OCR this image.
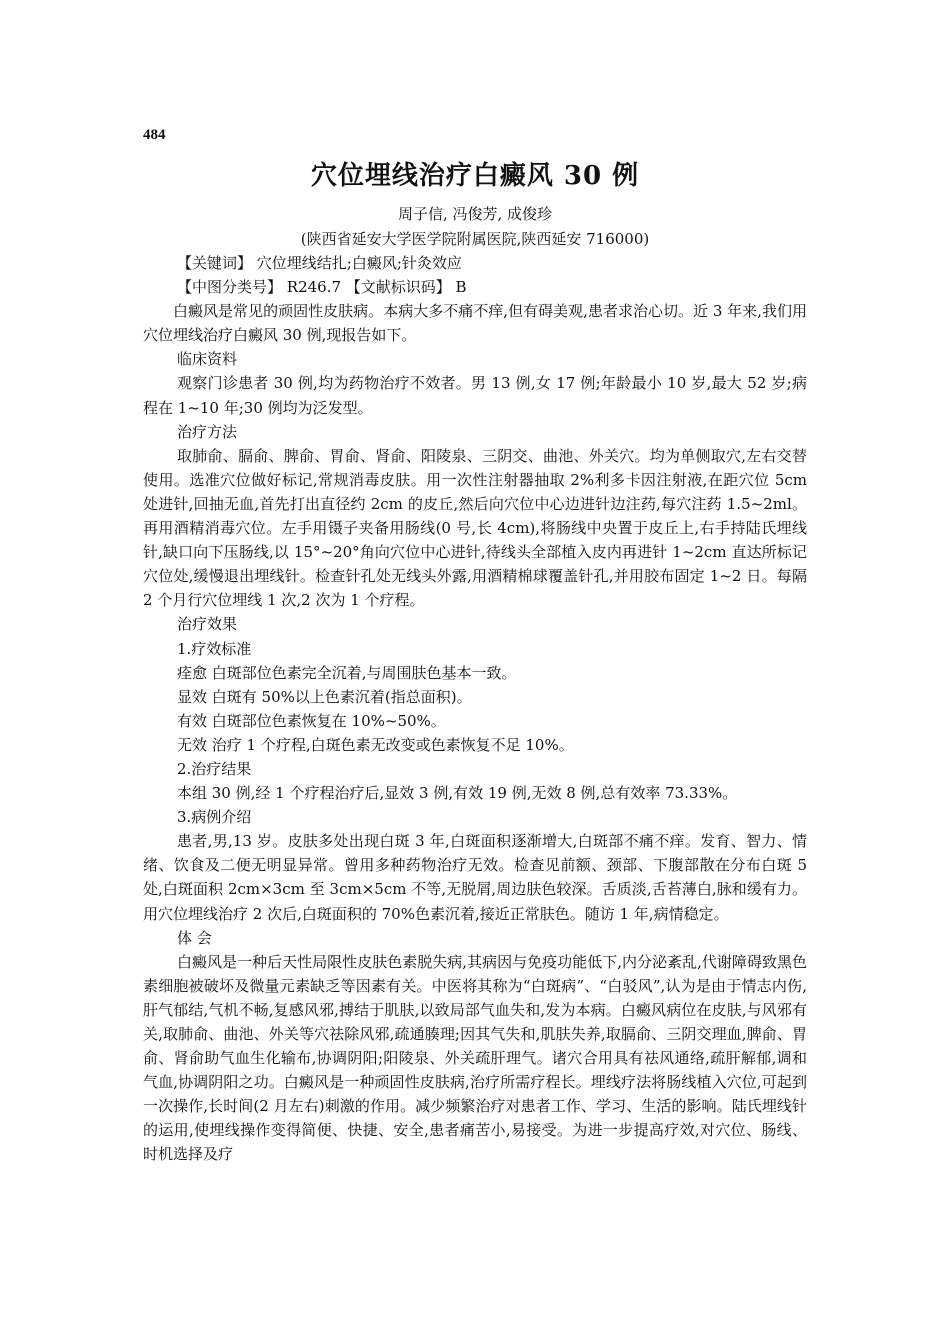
484
穴位埋线治疗白癜风 30 例
周子信, 冯俊芳, 成俊珍
(陕西省延安大学医学院附属医院,陕西延安 716000)

【关键词】 穴位埋线结扎;白癜风;针灸效应

【中图分类号】 R246.7 【文献标识码】 B

白癜风是常见的顽固性皮肤病。本病大多不痛不痒,但有碍美观,患者求治心切。近 3 年来,我们用穴位埋线治疗白癜风 30 例,现报告如下。

临床资料

观察门诊患者 30 例,均为药物治疗不效者。男 13 例,女 17 例;年龄最小 10 岁,最大 52 岁;病程在 1~10 年;30 例均为泛发型。

治疗方法

取肺俞、膈俞、脾俞、胃俞、肾俞、阳陵泉、三阴交、曲池、外关穴。均为单侧取穴,左右交替使用。选准穴位做好标记,常规消毒皮肤。用一次性注射器抽取 2%利多卡因注射液,在距穴位 5cm 处进针,回抽无血,首先打出直径约 2cm 的皮丘,然后向穴位中心边进针边注药,每穴注药 1.5~2ml。再用酒精消毒穴位。左手用镊子夹备用肠线(0 号,长 4cm),将肠线中央置于皮丘上,右手持陆氏埋线针,缺口向下压肠线,以 15°~20°角向穴位中心进针,待线头全部植入皮内再进针 1~2cm 直达所标记穴位处,缓慢退出埋线针。检查针孔处无线头外露,用酒精棉球覆盖针孔,并用胶布固定 1~2 日。每隔 2 个月行穴位埋线 1 次,2 次为 1 个疗程。

治疗效果

1.疗效标准

痊愈 白斑部位色素完全沉着,与周围肤色基本一致。

显效 白斑有 50%以上色素沉着(指总面积)。

有效 白斑部位色素恢复在 10%~50%。

无效 治疗 1 个疗程,白斑色素无改变或色素恢复不足 10%。

2.治疗结果

本组 30 例,经 1 个疗程治疗后,显效 3 例,有效 19 例,无效 8 例,总有效率 73.33%。

3.病例介绍

患者,男,13 岁。皮肤多处出现白斑 3 年,白斑面积逐渐增大,白斑部不痛不痒。发育、智力、情绪、饮食及二便无明显异常。曾用多种药物治疗无效。检查见前额、颈部、下腹部散在分布白斑 5 处,白斑面积 2cm×3cm 至 3cm×5cm 不等,无脱屑,周边肤色较深。舌质淡,舌苔薄白,脉和缓有力。用穴位埋线治疗 2 次后,白斑面积的 70%色素沉着,接近正常肤色。随访 1 年,病情稳定。

体 会

白癜风是一种后天性局限性皮肤色素脱失病,其病因与免疫功能低下,内分泌紊乱,代谢障碍致黑色素细胞被破坏及微量元素缺乏等因素有关。中医将其称为“白斑病”、“白驳风”,认为是由于情志内伤,肝气郁结,气机不畅,复感风邪,搏结于肌肤,以致局部气血失和,发为本病。白癜风病位在皮肤,与风邪有关,取肺俞、曲池、外关等穴祛除风邪,疏通腠理;因其气失和,肌肤失养,取膈俞、三阴交理血,脾俞、胃俞、肾俞助气血生化输布,协调阴阳;阳陵泉、外关疏肝理气。诸穴合用具有祛风通络,疏肝解郁,调和气血,协调阴阳之功。白癜风是一种顽固性皮肤病,治疗所需疗程长。埋线疗法将肠线植入穴位,可起到一次操作,长时间(2 月左右)刺激的作用。减少频繁治疗对患者工作、学习、生活的影响。陆氏埋线针的运用,使埋线操作变得简便、快捷、安全,患者痛苦小,易接受。为进一步提高疗效,对穴位、肠线、时机选择及疗
